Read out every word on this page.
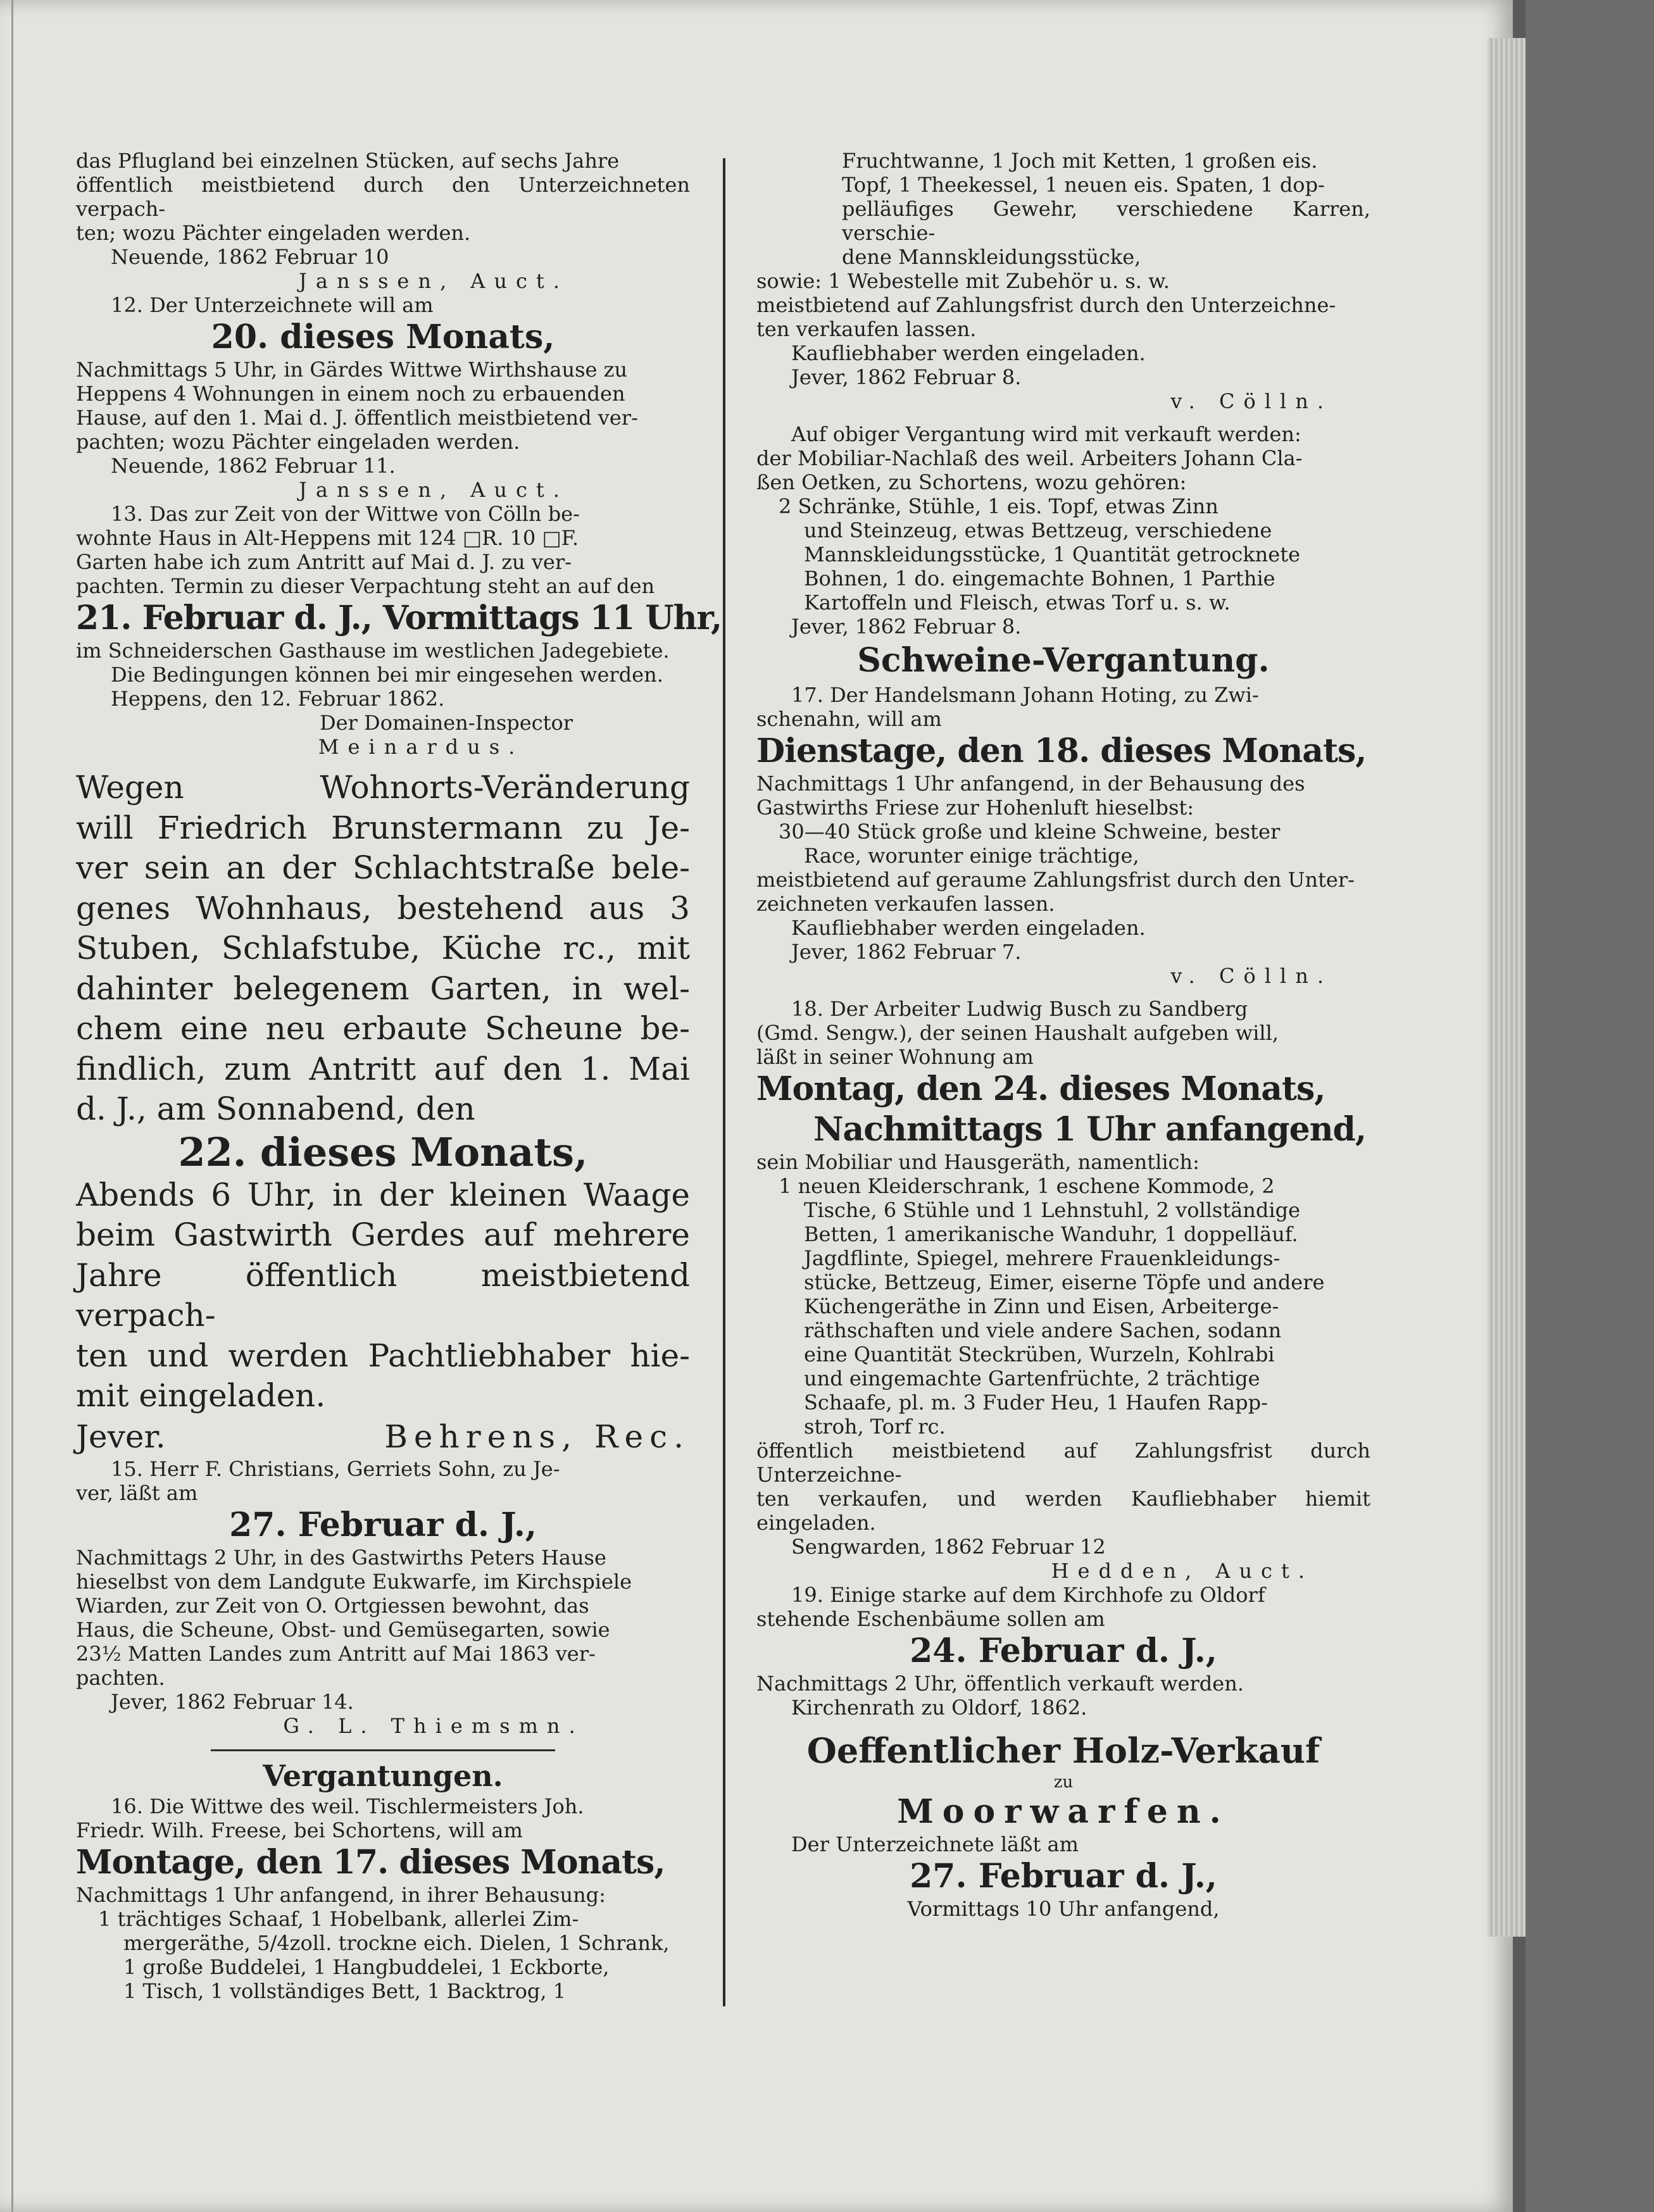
das Pflugland bei einzelnen Stücken, auf sechs Jahre

öffentlich meistbietend durch den Unterzeichneten verpach-

ten; wozu Pächter eingeladen werden.

Neuende, 1862 Februar 10

Janssen, Auct.

12. Der Unterzeichnete will am

20. dieses Monats,

Nachmittags 5 Uhr, in Gärdes Wittwe Wirthshause zu

Heppens 4 Wohnungen in einem noch zu erbauenden

Hause, auf den 1. Mai d. J. öffentlich meistbietend ver-

pachten; wozu Pächter eingeladen werden.

Neuende, 1862 Februar 11.

Janssen, Auct.

13. Das zur Zeit von der Wittwe von Cölln be-

wohnte Haus in Alt-Heppens mit 124 □R. 10 □F.

Garten habe ich zum Antritt auf Mai d. J. zu ver-

pachten. Termin zu dieser Verpachtung steht an auf den

21. Februar d. J., Vormittags 11 Uhr,

im Schneiderschen Gasthause im westlichen Jadegebiete.

Die Bedingungen können bei mir eingesehen werden.

Heppens, den 12. Februar 1862.

Der Domainen-Inspector

Meinardus.

Wegen Wohnorts-Veränderung

will Friedrich Brunstermann zu Je-

ver sein an der Schlachtstraße bele-

genes Wohnhaus, bestehend aus 3

Stuben, Schlafstube, Küche rc., mit

dahinter belegenem Garten, in wel-

chem eine neu erbaute Scheune be-

findlich, zum Antritt auf den 1. Mai

d. J., am Sonnabend, den

22. dieses Monats,

Abends 6 Uhr, in der kleinen Waage

beim Gastwirth Gerdes auf mehrere

Jahre öffentlich meistbietend verpach-

ten und werden Pachtliebhaber hie-

mit eingeladen.

Jever.	Behrens, Rec.

15. Herr F. Christians, Gerriets Sohn, zu Je-

ver, läßt am

27. Februar d. J.,

Nachmittags 2 Uhr, in des Gastwirths Peters Hause

hieselbst von dem Landgute Eukwarfe, im Kirchspiele

Wiarden, zur Zeit von O. Ortgiessen bewohnt, das

Haus, die Scheune, Obst- und Gemüsegarten, sowie

23½ Matten Landes zum Antritt auf Mai 1863 ver-

pachten.

Jever, 1862 Februar 14.

G. L. Thiemsmn.

Vergantungen.

16. Die Wittwe des weil. Tischlermeisters Joh.

Friedr. Wilh. Freese, bei Schortens, will am

Montage, den 17. dieses Monats,

Nachmittags 1 Uhr anfangend, in ihrer Behausung:

1 trächtiges Schaaf, 1 Hobelbank, allerlei Zim-

mergeräthe, 5/4zoll. trockne eich. Dielen, 1 Schrank,

1 große Buddelei, 1 Hangbuddelei, 1 Eckborte,

1 Tisch, 1 vollständiges Bett, 1 Backtrog, 1

Fruchtwanne, 1 Joch mit Ketten, 1 großen eis.

Topf, 1 Theekessel, 1 neuen eis. Spaten, 1 dop-

pelläufiges Gewehr, verschiedene Karren, verschie-

dene Mannskleidungsstücke,

sowie: 1 Webestelle mit Zubehör u. s. w.

meistbietend auf Zahlungsfrist durch den Unterzeichne-

ten verkaufen lassen.

Kaufliebhaber werden eingeladen.

Jever, 1862 Februar 8.

v. Cölln.

Auf obiger Vergantung wird mit verkauft werden:

der Mobiliar-Nachlaß des weil. Arbeiters Johann Cla-

ßen Oetken, zu Schortens, wozu gehören:

2 Schränke, Stühle, 1 eis. Topf, etwas Zinn

und Steinzeug, etwas Bettzeug, verschiedene

Mannskleidungsstücke, 1 Quantität getrocknete

Bohnen, 1 do. eingemachte Bohnen, 1 Parthie

Kartoffeln und Fleisch, etwas Torf u. s. w.

Jever, 1862 Februar 8.

Schweine-Vergantung.

17. Der Handelsmann Johann Hoting, zu Zwi-

schenahn, will am

Dienstage, den 18. dieses Monats,

Nachmittags 1 Uhr anfangend, in der Behausung des

Gastwirths Friese zur Hohenluft hieselbst:

30—40 Stück große und kleine Schweine, bester

Race, worunter einige trächtige,

meistbietend auf geraume Zahlungsfrist durch den Unter-

zeichneten verkaufen lassen.

Kaufliebhaber werden eingeladen.

Jever, 1862 Februar 7.

v. Cölln.

18. Der Arbeiter Ludwig Busch zu Sandberg

(Gmd. Sengw.), der seinen Haushalt aufgeben will,

läßt in seiner Wohnung am

Montag, den 24. dieses Monats,

Nachmittags 1 Uhr anfangend,

sein Mobiliar und Hausgeräth, namentlich:

1 neuen Kleiderschrank, 1 eschene Kommode, 2

Tische, 6 Stühle und 1 Lehnstuhl, 2 vollständige

Betten, 1 amerikanische Wanduhr, 1 doppelläuf.

Jagdflinte, Spiegel, mehrere Frauenkleidungs-

stücke, Bettzeug, Eimer, eiserne Töpfe und andere

Küchengeräthe in Zinn und Eisen, Arbeiterge-

räthschaften und viele andere Sachen, sodann

eine Quantität Steckrüben, Wurzeln, Kohlrabi

und eingemachte Gartenfrüchte, 2 trächtige

Schaafe, pl. m. 3 Fuder Heu, 1 Haufen Rapp-

stroh, Torf rc.

öffentlich meistbietend auf Zahlungsfrist durch Unterzeichne-

ten verkaufen, und werden Kaufliebhaber hiemit eingeladen.

Sengwarden, 1862 Februar 12

Hedden, Auct.

19. Einige starke auf dem Kirchhofe zu Oldorf

stehende Eschenbäume sollen am

24. Februar d. J.,

Nachmittags 2 Uhr, öffentlich verkauft werden.

Kirchenrath zu Oldorf, 1862.

Oeffentlicher Holz-Verkauf

zu

Moorwarfen.

Der Unterzeichnete läßt am

27. Februar d. J.,

Vormittags 10 Uhr anfangend,
